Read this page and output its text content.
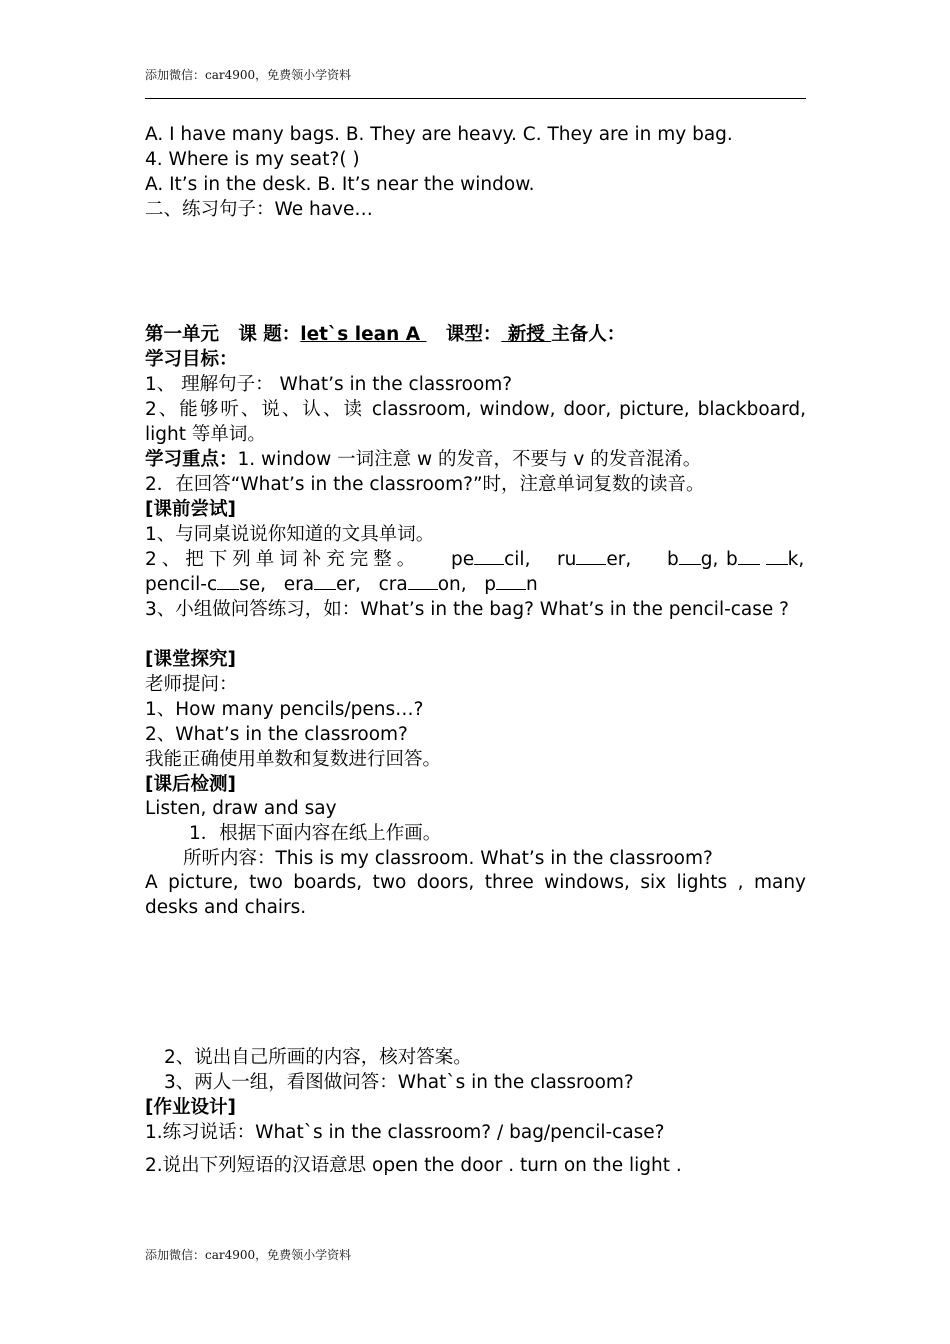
添加微信：car4900，免费领小学资料
A. I have many bags. B. They are heavy. C. They are in my bag.
4. Where is my seat?( )
A. It’s in the desk. B. It’s near the window.
二、练习句子：We have…
第一单元 课 题：let`s lean A    课型： 新授 主备人：
学习目标：
1、 理解句子： What’s in the classroom?
2、能够听、说、认、读 classroom, window, door, picture, blackboard, light 等单词。
学习重点：1. window 一词注意 w 的发音，不要与 v 的发音混淆。
2．在回答“What’s in the classroom?”时，注意单词复数的读音。
[课前尝试]
1、与同桌说说你知道的文具单词。
2、把下列单词补充完整。 pe cil, ru er, b g, b	k,
pencil-c se, era er, cra on, p n
3、小组做问答练习，如：What’s in the bag? What’s in the pencil-case ?
[课堂探究]
老师提问：
1、How many pencils/pens…?
2、What’s in the classroom?
我能正确使用单数和复数进行回答。
[课后检测]
Listen, draw and say
1．根据下面内容在纸上作画。
所听内容：This is my classroom. What’s in the classroom?
A picture, two boards, two doors, three windows, six lights , many desks and chairs.
2、说出自己所画的内容，核对答案。
3、两人一组，看图做问答：What`s in the classroom?
[作业设计]
1.练习说话：What`s in the classroom? / bag/pencil-case?
2.说出下列短语的汉语意思 open the door . turn on the light .
添加微信：car4900，免费领小学资料
